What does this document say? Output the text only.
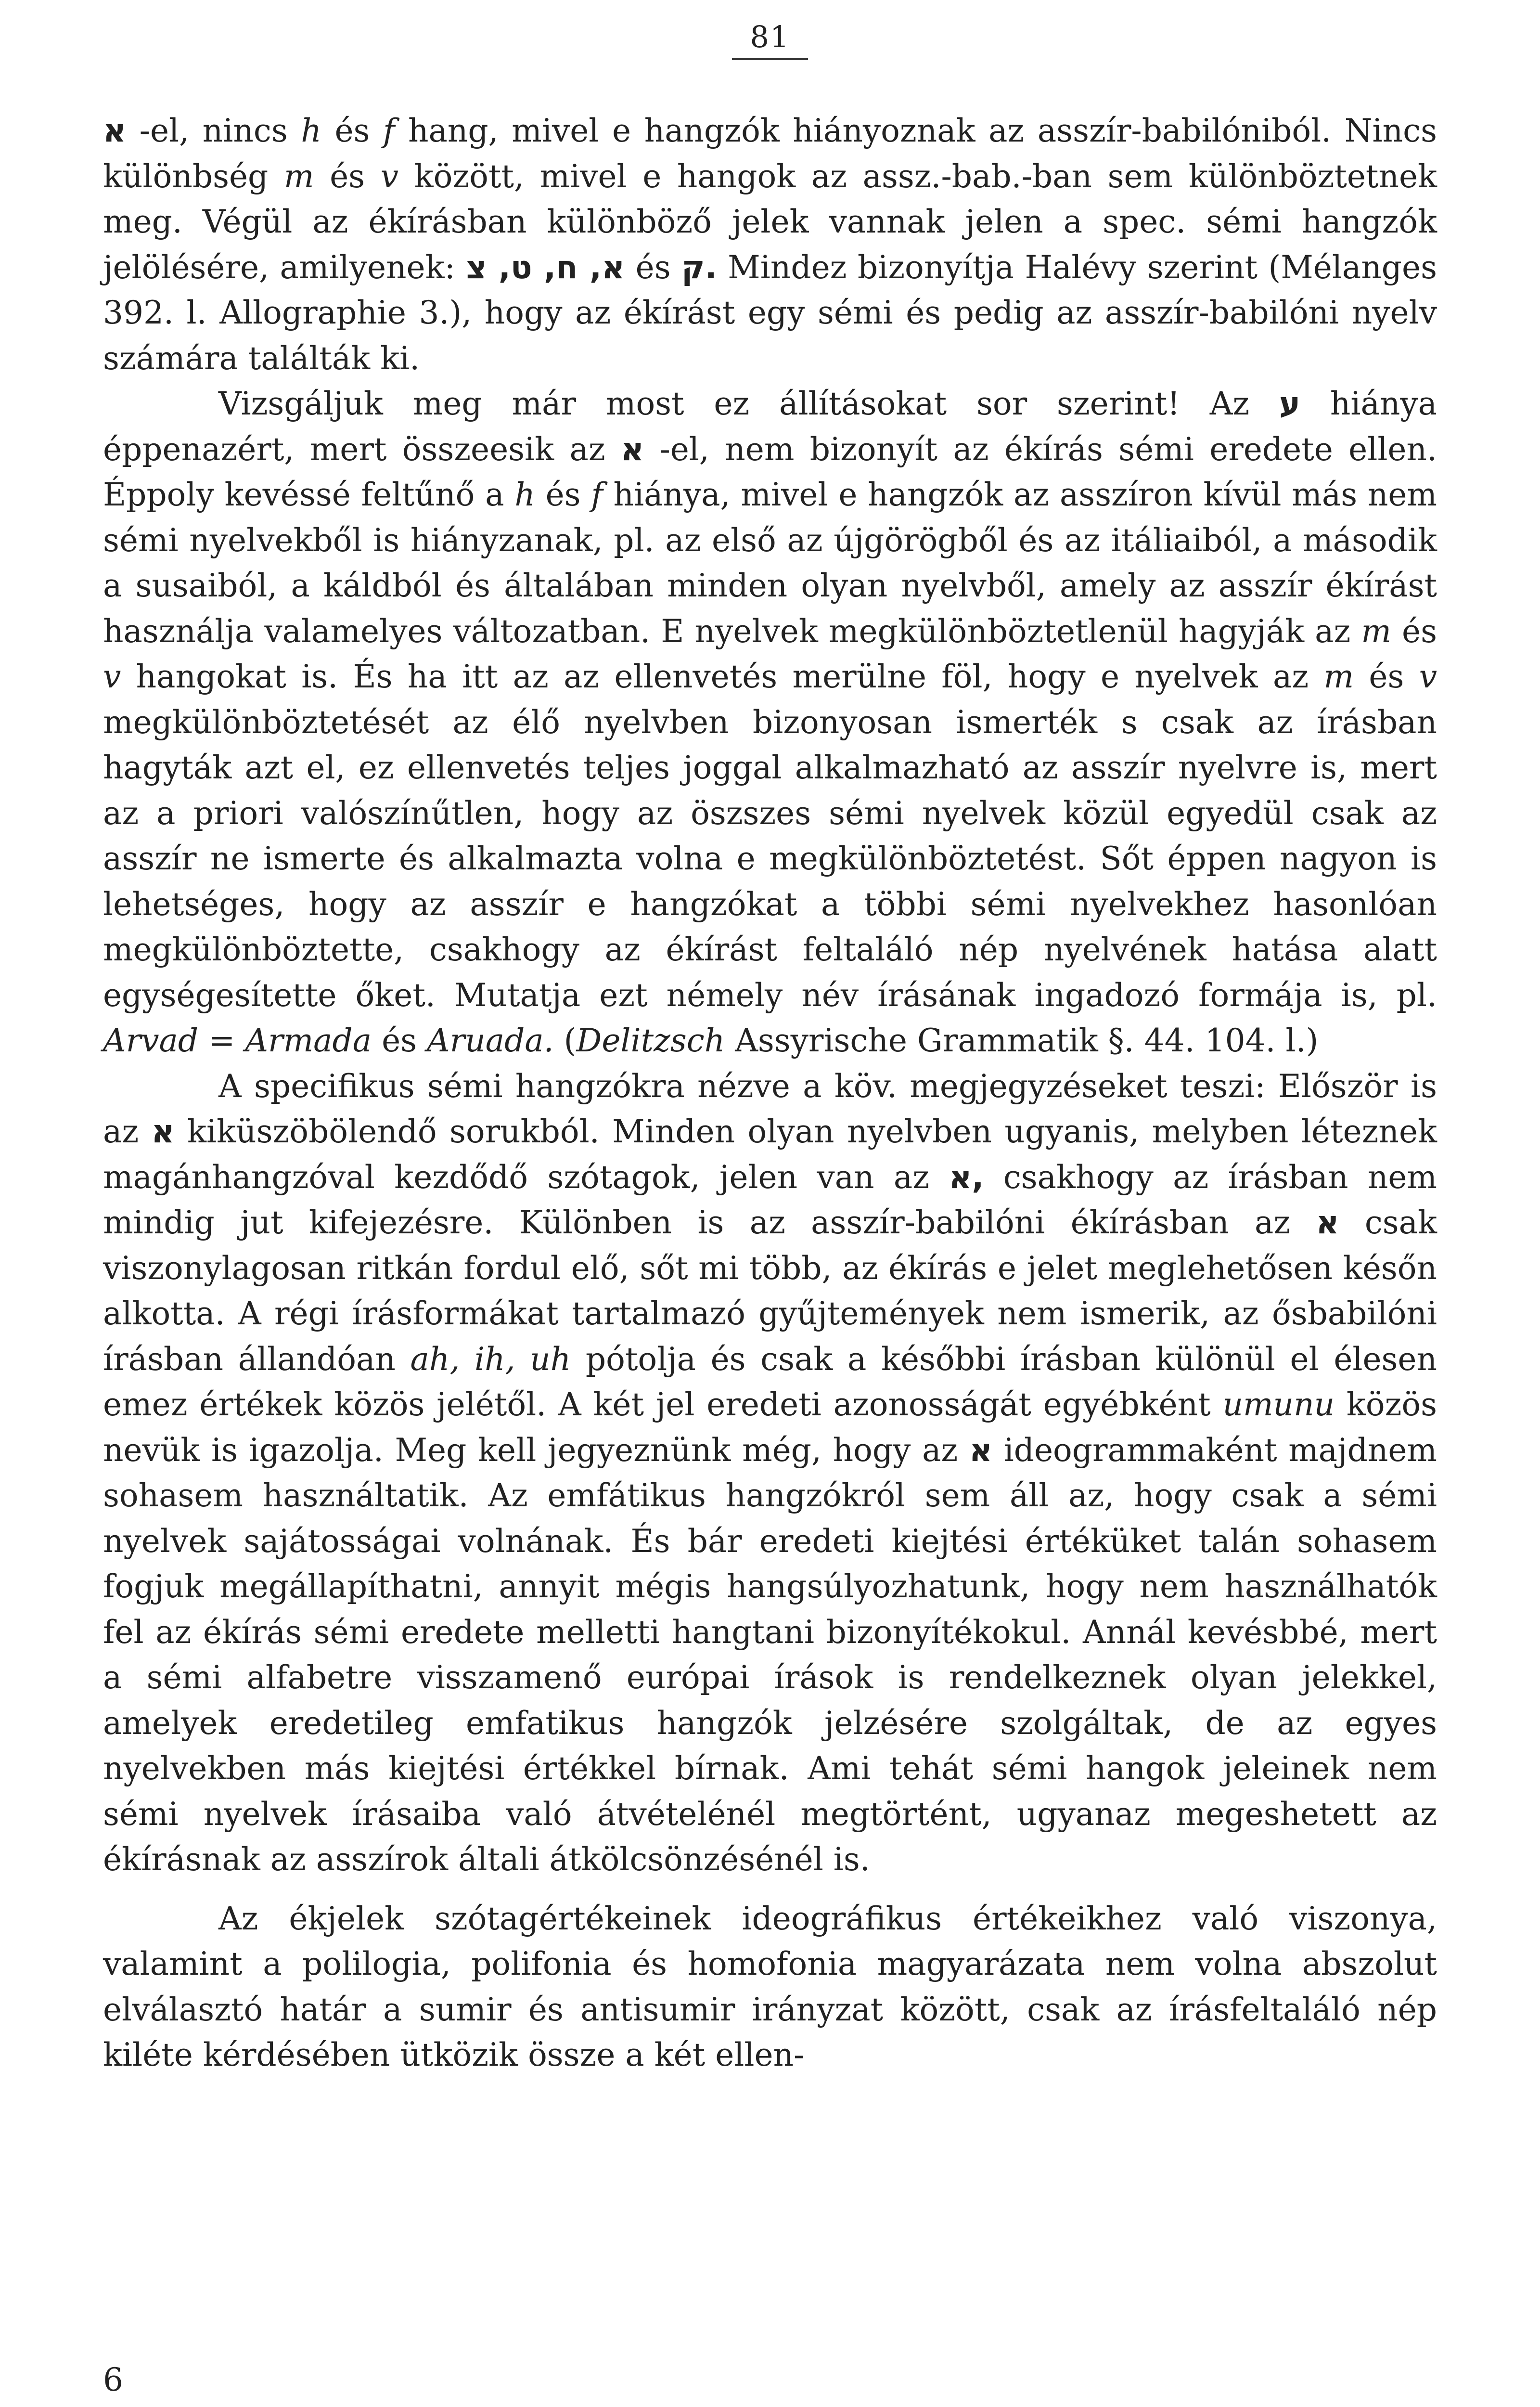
81

א -el, nincs h és f hang, mivel e hangzók hiányoznak az asszír-babilóniból. Nincs különbség m és v között, mivel e hangok az assz.-bab.-ban sem különböztetnek meg. Végül az ékírásban különböző jelek vannak jelen a spec. sémi hangzók jelölésére, amilyenek: א, ח, ט, צ és ק. Mindez bizonyítja Halévy szerint (Mélanges 392. l. Allographie 3.), hogy az ékírást egy sémi és pedig az asszír-babilóni nyelv számára találták ki.

Vizsgáljuk meg már most ez állításokat sor szerint! Az ע hiánya éppenazért, mert összeesik az א -el, nem bizonyít az ékírás sémi eredete ellen. Éppoly kevéssé feltűnő a h és f hiánya, mivel e hangzók az asszíron kívül más nem sémi nyelvekből is hiányzanak, pl. az első az újgörögből és az itáliaiból, a második a susaiból, a káldból és általában minden olyan nyelvből, amely az asszír ékírást használja valamelyes változatban. E nyelvek megkülönböztetlenül hagyják az m és v hangokat is. És ha itt az az ellenvetés merülne föl, hogy e nyelvek az m és v megkülönböztetését az élő nyelvben bizonyosan ismerték s csak az írásban hagyták azt el, ez ellenvetés teljes joggal alkalmazható az asszír nyelvre is, mert az a priori valószínűtlen, hogy az öszszes sémi nyelvek közül egyedül csak az asszír ne ismerte és alkalmazta volna e megkülönböztetést. Sőt éppen nagyon is lehetséges, hogy az asszír e hangzókat a többi sémi nyelvekhez hasonlóan megkülönböztette, csakhogy az ékírást feltaláló nép nyelvének hatása alatt egységesítette őket. Mutatja ezt némely név írásának ingadozó formája is, pl. Arvad = Armada és Aruada. (Delitzsch Assyrische Grammatik §. 44. 104. l.)

A specifikus sémi hangzókra nézve a köv. megjegyzéseket teszi: Először is az א kiküszöbölendő sorukból. Minden olyan nyelvben ugyanis, melyben léteznek magánhangzóval kezdődő szótagok, jelen van az א, csakhogy az írásban nem mindig jut kifejezésre. Különben is az asszír-babilóni ékírásban az א csak viszonylagosan ritkán fordul elő, sőt mi több, az ékírás e jelet meglehetősen későn alkotta. A régi írásformákat tartalmazó gyűjtemények nem ismerik, az ősbabilóni írásban állandóan ah, ih, uh pótolja és csak a későbbi írásban különül el élesen emez értékek közös jelétől. A két jel eredeti azonosságát egyébként umunu közös nevük is igazolja. Meg kell jegyeznünk még, hogy az א ideogrammaként majdnem sohasem használtatik. Az emfátikus hangzókról sem áll az, hogy csak a sémi nyelvek sajátosságai volnának. És bár eredeti kiejtési értéküket talán sohasem fogjuk megállapíthatni, annyit mégis hangsúlyozhatunk, hogy nem használhatók fel az ékírás sémi eredete melletti hangtani bizonyítékokul. Annál kevésbbé, mert a sémi alfabetre visszamenő európai írások is rendelkeznek olyan jelekkel, amelyek eredetileg emfatikus hangzók jelzésére szolgáltak, de az egyes nyelvekben más kiejtési értékkel bírnak. Ami tehát sémi hangok jeleinek nem sémi nyelvek írásaiba való átvételénél megtörtént, ugyanaz megeshetett az ékírásnak az asszírok általi átkölcsönzésénél is.

Az ékjelek szótagértékeinek ideográfikus értékeikhez való viszonya, valamint a polilogia, polifonia és homofonia magyarázata nem volna abszolut elválasztó határ a sumir és antisumir irányzat között, csak az írásfeltaláló nép kiléte kérdésében ütközik össze a két ellen-

6
